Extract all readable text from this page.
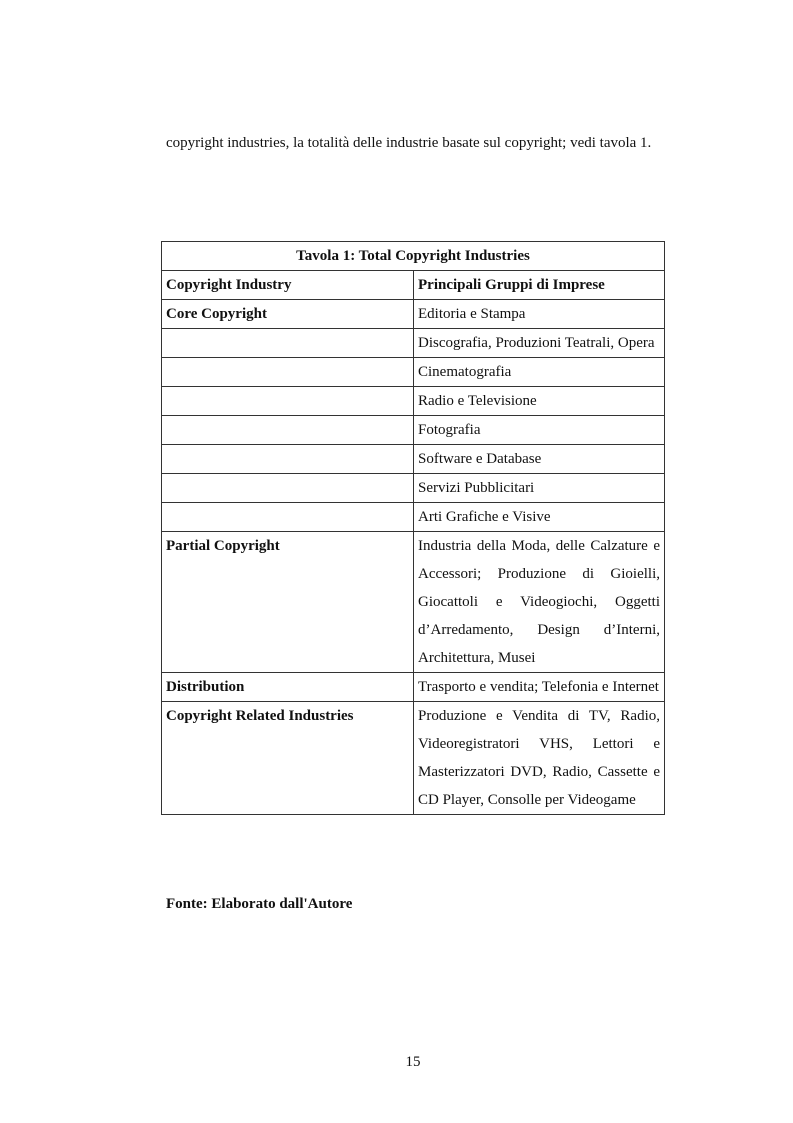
copyright industries, la totalità delle industrie basate sul copyright; vedi tavola 1.

Tavola 1: Total Copyright Industries	
Copyright Industry	Principali Gruppi di Imprese
Core Copyright	Editoria e Stampa
	Discografia, Produzioni Teatrali, Opera
	Cinematografia
	Radio e Televisione
	Fotografia
	Software e Database
	Servizi Pubblicitari
	Arti Grafiche e Visive
Partial Copyright	Industria della Moda, delle Calzature e Accessori; Produzione di Gioielli, Giocattoli e Videogiochi, Oggetti d’Arredamento, Design d’Interni, Architettura, Musei
Distribution	Trasporto e vendita; Telefonia e Internet
Copyright Related Industries	Produzione e Vendita di TV, Radio, Videoregistratori VHS, Lettori e Masterizzatori DVD, Radio, Cassette e CD Player, Consolle per Videogame

Fonte: Elaborato dall'Autore

15
